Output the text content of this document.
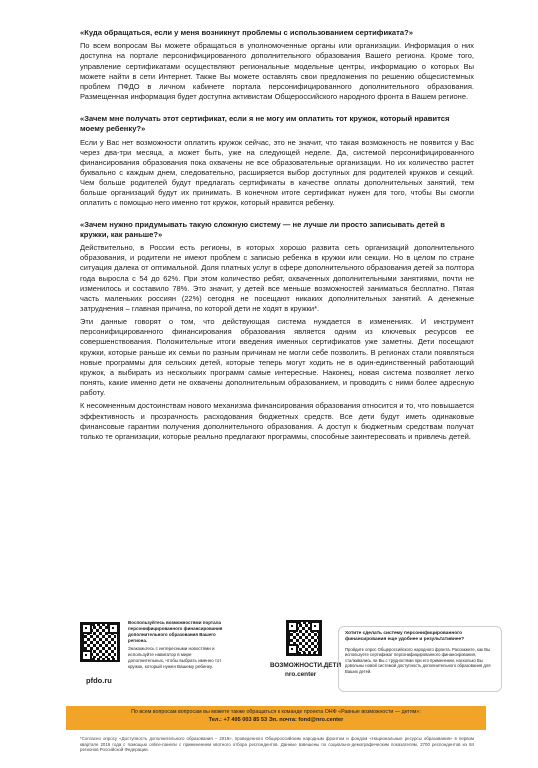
«Куда обращаться, если у меня возникнут проблемы с использованием сертификата?»
По всем вопросам Вы можете обращаться в уполномоченные органы или организации. Информация о них доступна на портале персонифицированного дополнительного образования Вашего региона. Кроме того, управление сертификатами осуществляют региональные модельные центры, информацию о которых Вы можете найти в сети Интернет. Также Вы можете оставлять свои предложения по решению общесистемных проблем ПФДО в личном кабинете портала персонифицированного дополнительного образования. Размещенная информация будет доступна активистам Общероссийского народного фронта в Вашем регионе.
«Зачем мне получать этот сертификат, если я не могу им оплатить тот кружок, который нравится моему ребенку?»
Если у Вас нет возможности оплатить кружок сейчас, это не значит, что такая возможность не появится у Вас через два-три месяца, а может быть, уже на следующей неделе. Да, системой персонифицированного финансирования образования пока охвачены не все образовательные организации. Но их количество растет буквально с каждым днем, следовательно, расширяется выбор доступных для родителей кружков и секций. Чем больше родителей будут предлагать сертификаты в качестве оплаты дополнительных занятий, тем больше организаций будут их принимать. В конечном итоге сертификат нужен для того, чтобы Вы смогли оплатить с помощью него именно тот кружок, который нравится ребенку.
«Зачем нужно придумывать такую сложную систему — не лучше ли просто записывать детей в кружки, как раньше?»
Действительно, в России есть регионы, в которых хорошо развита сеть организаций дополнительного образования, и родители не имеют проблем с записью ребенка в кружки или секции. Но в целом по стране ситуация далека от оптимальной. Доля платных услуг в сфере дополнительного образования детей за полтора года выросла с 54 до 62%. При этом количество ребят, охваченных дополнительными занятиями, почти не изменилось и составило 78%. Это значит, у детей все меньше возможностей заниматься бесплатно. Пятая часть маленьких россиян (22%) сегодня не посещают никаких дополнительных занятий. А денежные затруднения – главная причина, по которой дети не ходят в кружки*.
Эти данные говорят о том, что действующая система нуждается в изменениях. И инструмент персонифицированного финансирования образования является одним из ключевых ресурсов ее совершенствования. Положительные итоги введения именных сертификатов уже заметны. Дети посещают кружки, которые раньше их семьи по разным причинам не могли себе позволить. В регионах стали появляться новые программы для сельских детей, которые теперь могут ходить не в один-единственный работающий кружок, а выбирать из нескольких программ самые интересные. Наконец, новая система позволяет легко понять, какие именно дети не охвачены дополнительным образованием, и проводить с ними более адресную работу.
К несомненным достоинствам нового механизма финансирования образования относится и то, что повышается эффективность и прозрачность расходования бюджетных средств. Все дети будут иметь одинаковые финансовые гарантии получения дополнительного образования. А доступ к бюджетным средствам получат только те организации, которые реально предлагают программы, способные заинтересовать и привлечь детей.
Воспользуйтесь возможностями портала персонифицированного финансирования дополнительного образования Вашего региона.
Знакомьтесь с интересными новостями и используйте навигатор в мире дополнительных, чтобы выбрать именно тот кружок, который нужен Вашему ребенку.
pfdo.ru
ВОЗМОЖНОСТИ.ДЕТИ
nro.center
Хотите сделать систему персонифицированного финансирования еще удобнее и результативнее?
Пройдите опрос Общероссийского народного фронта. Расскажите, как Вы используете сертификат персонифицированного финансирования, сталкивались ли Вы с трудностями при его применении, насколько Вы довольны новой системой доступность дополнительного образования для Ваших детей.
По всем вопросам вопросам вы можете также обращаться к команде проекта ОНФ «Равные возможности — детям»:
Тел.: +7 495 003 85 53 Эл. почта: fond@nro.center
*Согласно опросу «Доступность дополнительного образования – 2019», проведенного Общероссийским народным фронтом и фондом «Национальные ресурсы образования» в первом квартале 2019 года с помощью online-панели с применением квотного отбора респондентов. Данные взвешены по социально-демографическим показателям, 2700 респондентов из 84 регионов Российской Федерации.
